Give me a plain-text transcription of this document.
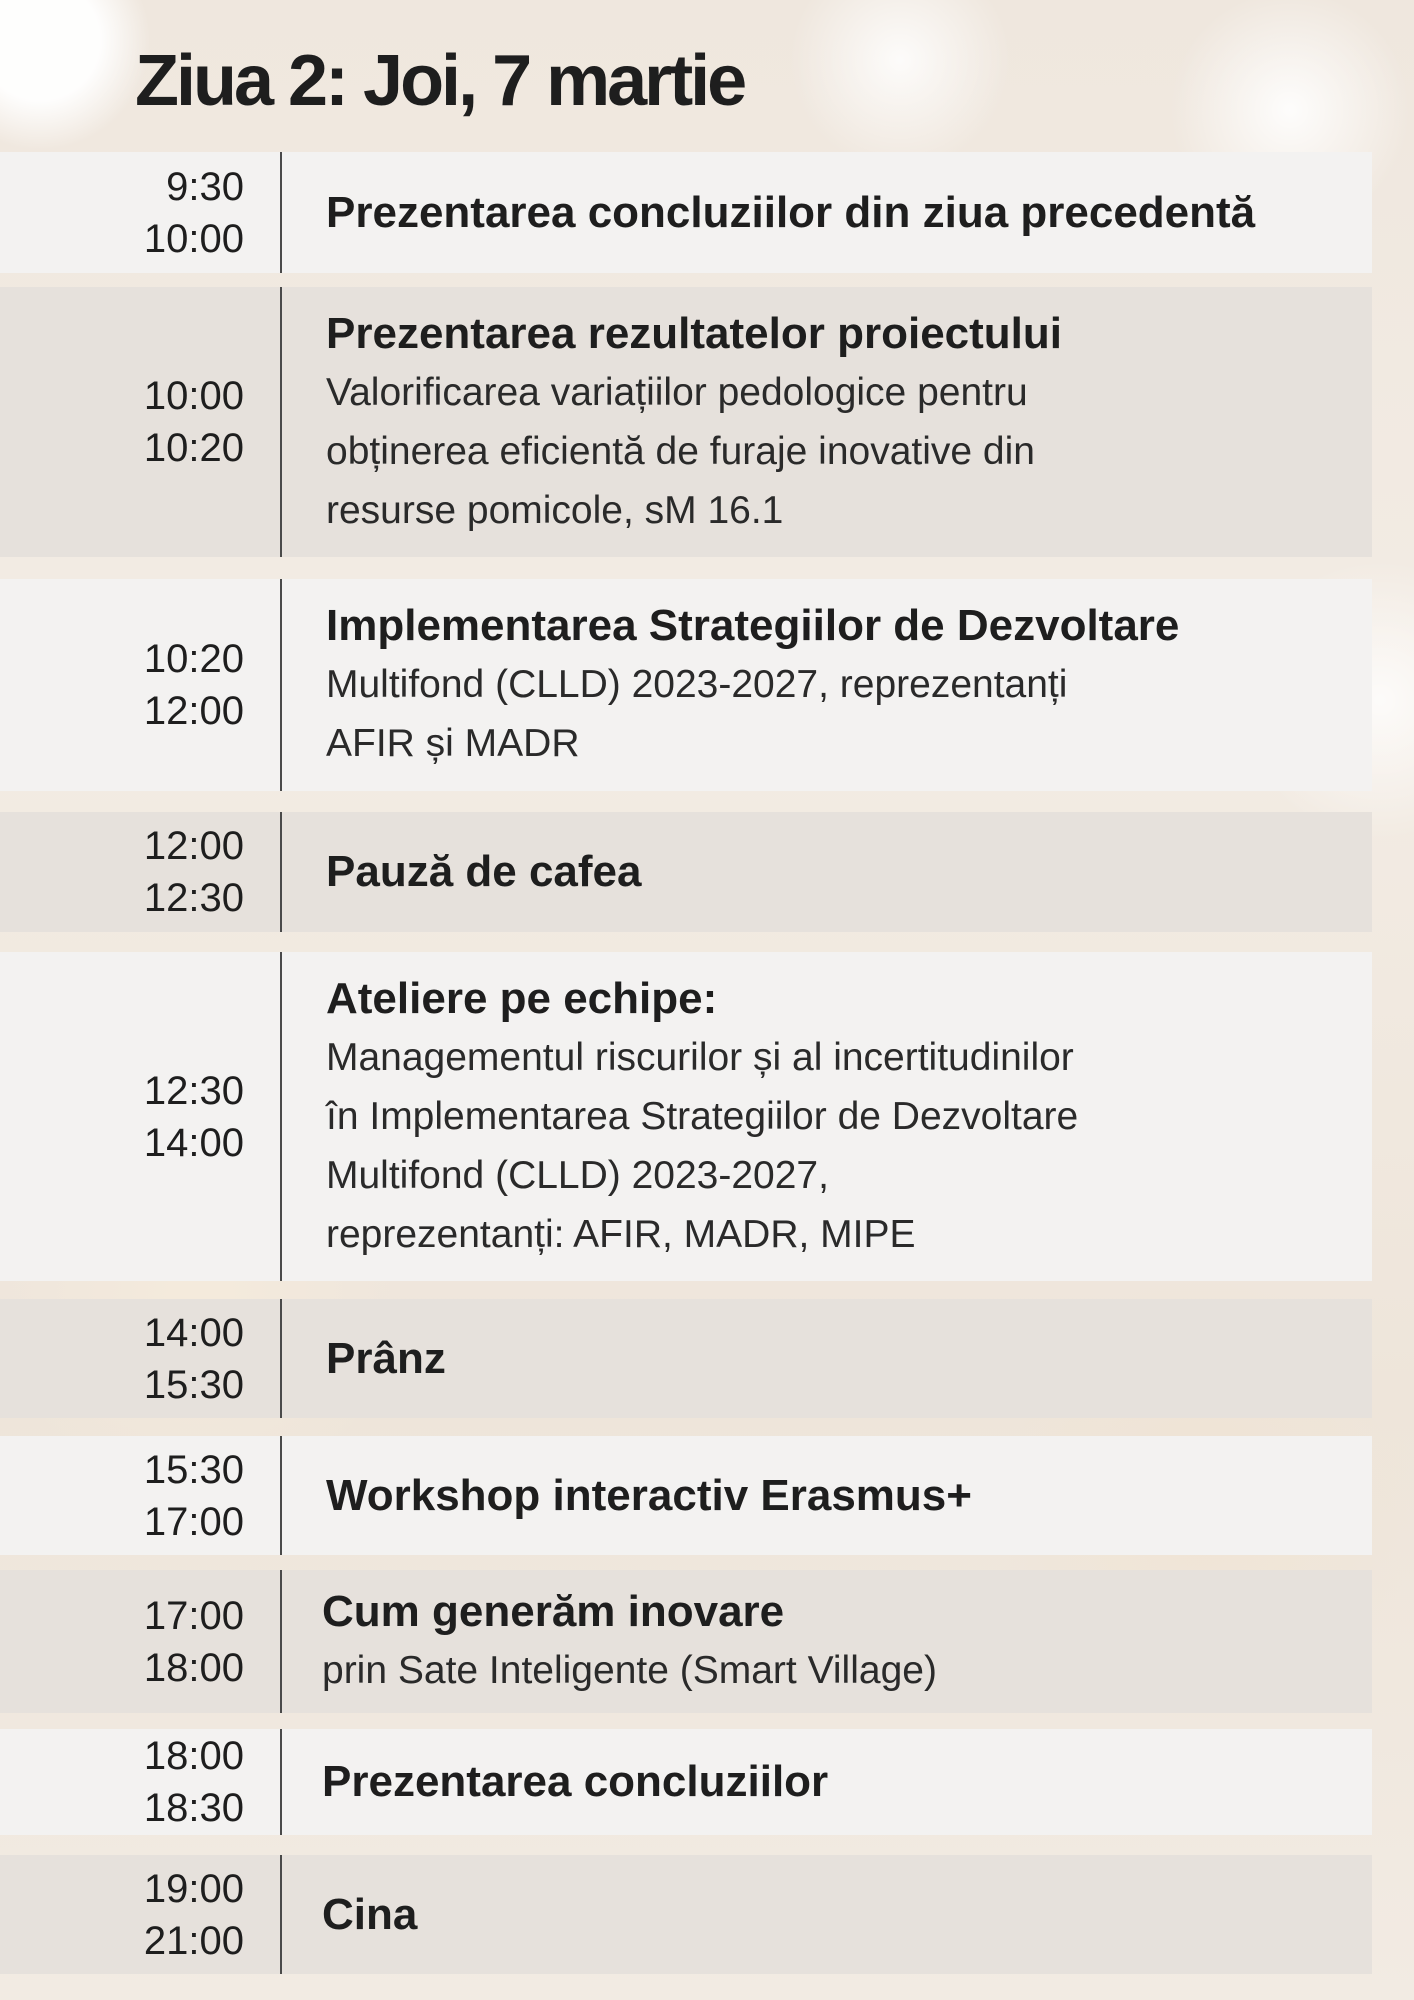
Ziua 2: Joi, 7 martie
9:30
10:00
Prezentarea concluziilor din ziua precedentă
10:00
10:20
Prezentarea rezultatelor proiectului
Valorificarea variațiilor pedologice pentru
obținerea eficientă de furaje inovative din
resurse pomicole, sM 16.1
10:20
12:00
Implementarea Strategiilor de Dezvoltare
Multifond (CLLD) 2023-2027, reprezentanți
AFIR și MADR
12:00
12:30
Pauză de cafea
12:30
14:00
Ateliere pe echipe:
Managementul riscurilor și al incertitudinilor
în Implementarea Strategiilor de Dezvoltare
Multifond (CLLD) 2023-2027,
reprezentanți: AFIR, MADR, MIPE
14:00
15:30
Prânz
15:30
17:00
Workshop interactiv Erasmus+
17:00
18:00
Cum generăm inovare
prin Sate Inteligente (Smart Village)
18:00
18:30
Prezentarea concluziilor
19:00
21:00
Cina
